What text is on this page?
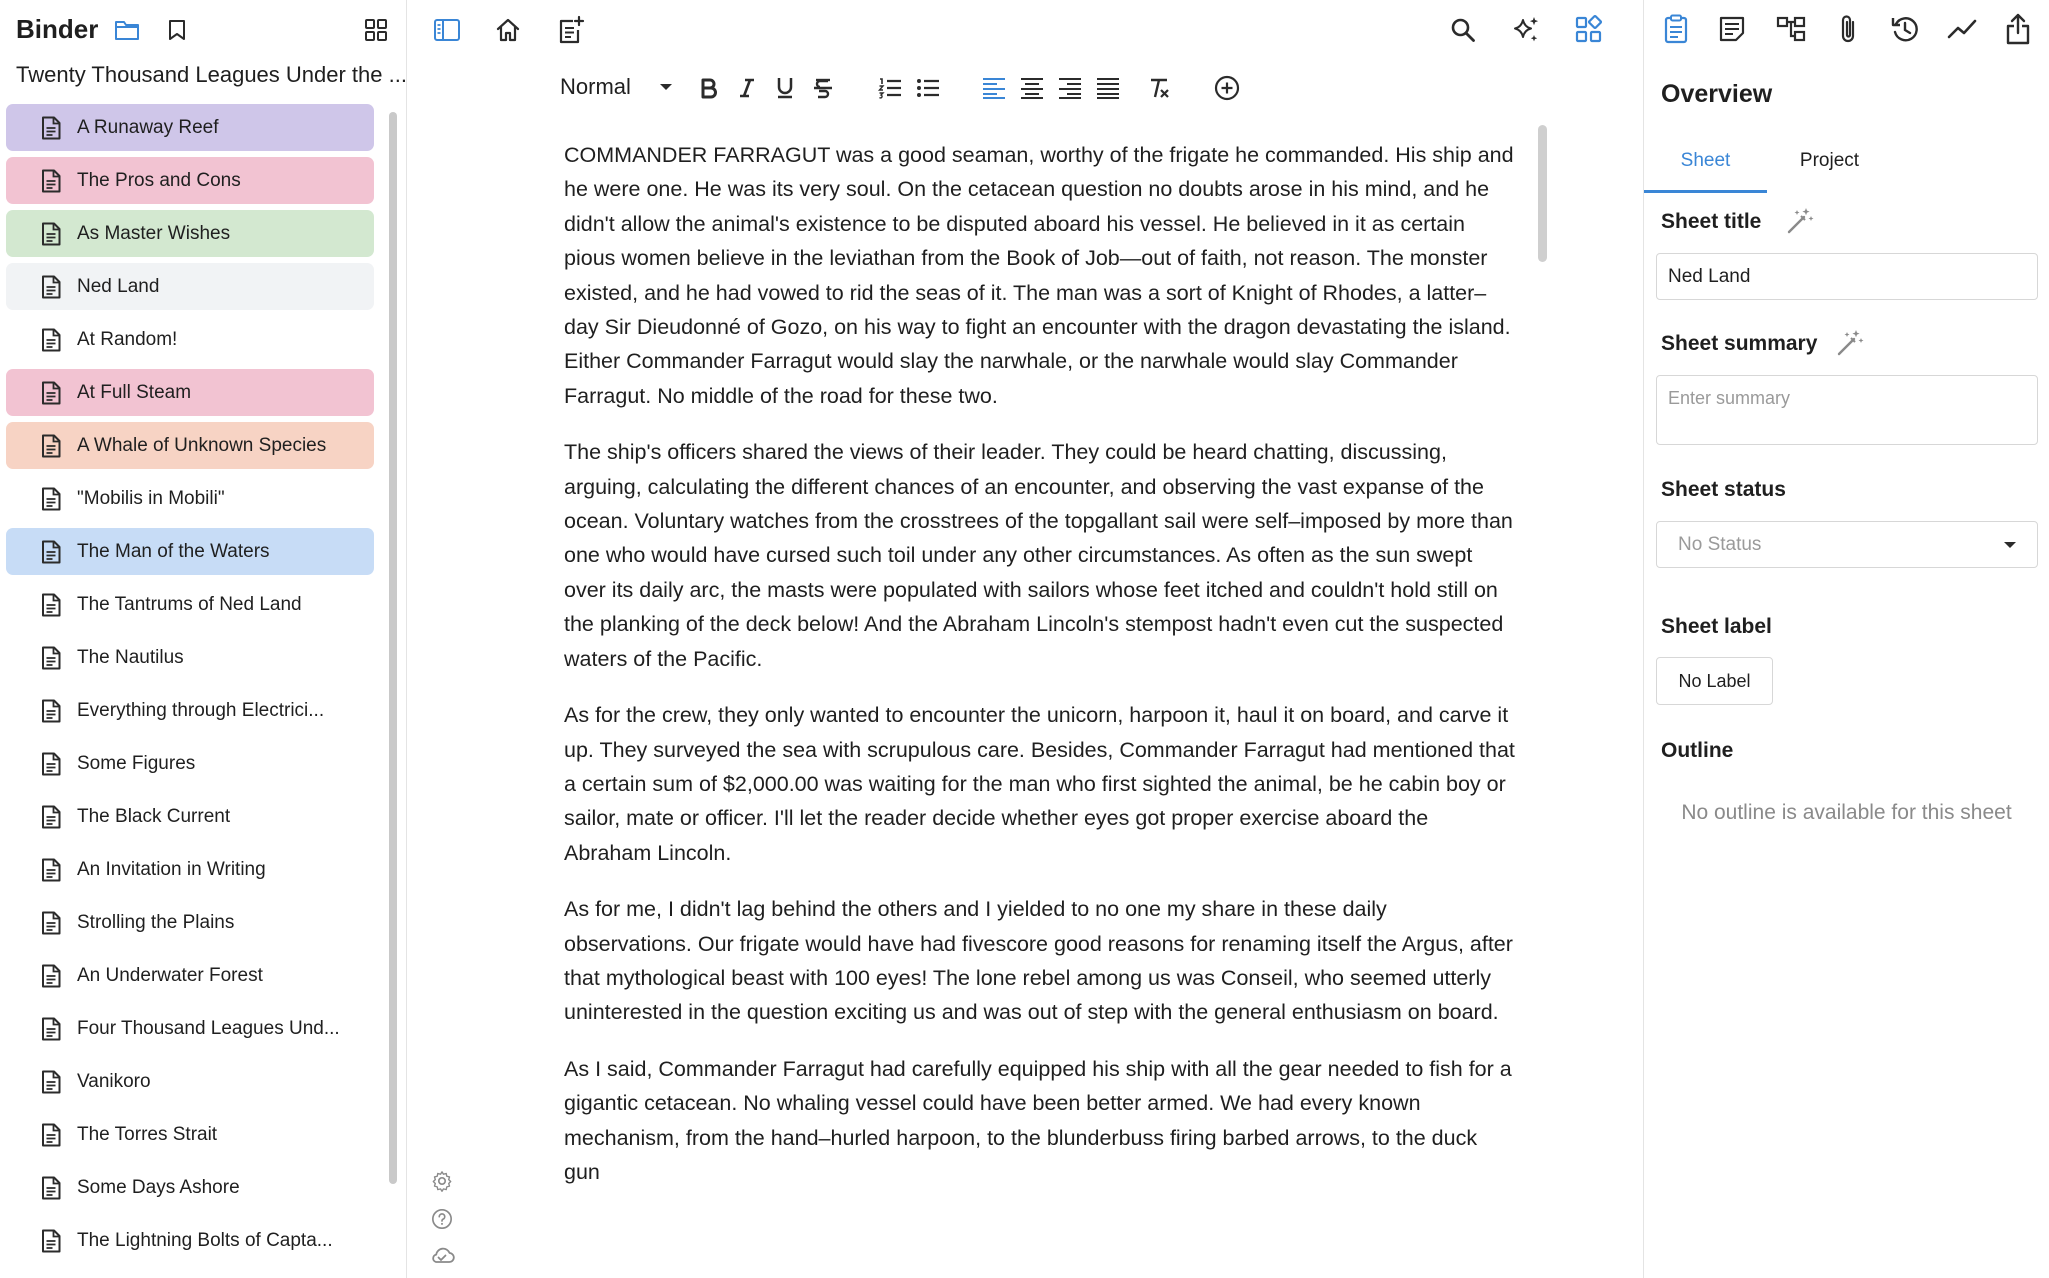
Binder
Twenty Thousand Leagues Under the ...
A Runaway Reef
The Pros and Cons
As Master Wishes
Ned Land
At Random!
At Full Steam
A Whale of Unknown Species
"Mobilis in Mobili"
The Man of the Waters
The Tantrums of Ned Land
The Nautilus
Everything through Electrici...
Some Figures
The Black Current
An Invitation in Writing
Strolling the Plains
An Underwater Forest
Four Thousand Leagues Und...
Vanikoro
The Torres Strait
Some Days Ashore
The Lightning Bolts of Capta...
Normal

COMMANDER FARRAGUT was a good seaman, worthy of the frigate he commanded. His ship and he were one. He was its very soul. On the cetacean question no doubts arose in his mind, and he didn't allow the animal's existence to be disputed aboard his vessel. He believed in it as certain pious women believe in the leviathan from the Book of Job—out of faith, not reason. The monster existed, and he had vowed to rid the seas of it. The man was a sort of Knight of Rhodes, a latter–day Sir Dieudonné of Gozo, on his way to fight an encounter with the dragon devastating the island. Either Commander Farragut would slay the narwhale, or the narwhale would slay Commander Farragut. No middle of the road for these two.

The ship's officers shared the views of their leader. They could be heard chatting, discussing, arguing, calculating the different chances of an encounter, and observing the vast expanse of the ocean. Voluntary watches from the crosstrees of the topgallant sail were self–imposed by more than one who would have cursed such toil under any other circumstances. As often as the sun swept over its daily arc, the masts were populated with sailors whose feet itched and couldn't hold still on the planking of the deck below! And the Abraham Lincoln's stempost hadn't even cut the suspected waters of the Pacific.

As for the crew, they only wanted to encounter the unicorn, harpoon it, haul it on board, and carve it up. They surveyed the sea with scrupulous care. Besides, Commander Farragut had mentioned that a certain sum of $2,000.00 was waiting for the man who first sighted the animal, be he cabin boy or sailor, mate or officer. I'll let the reader decide whether eyes got proper exercise aboard the Abraham Lincoln.

As for me, I didn't lag behind the others and I yielded to no one my share in these daily observations. Our frigate would have had fivescore good reasons for renaming itself the Argus, after that mythological beast with 100 eyes! The lone rebel among us was Conseil, who seemed utterly uninterested in the question exciting us and was out of step with the general enthusiasm on board.

As I said, Commander Farragut had carefully equipped his ship with all the gear needed to fish for a gigantic cetacean. No whaling vessel could have been better armed. We had every known mechanism, from the hand–hurled harpoon, to the blunderbuss firing barbed arrows, to the duck gun

Overview
Sheet	Project
Sheet title
Ned Land
Sheet summary
Enter summary
Sheet status
No Status
Sheet label
No Label
Outline
No outline is available for this sheet
